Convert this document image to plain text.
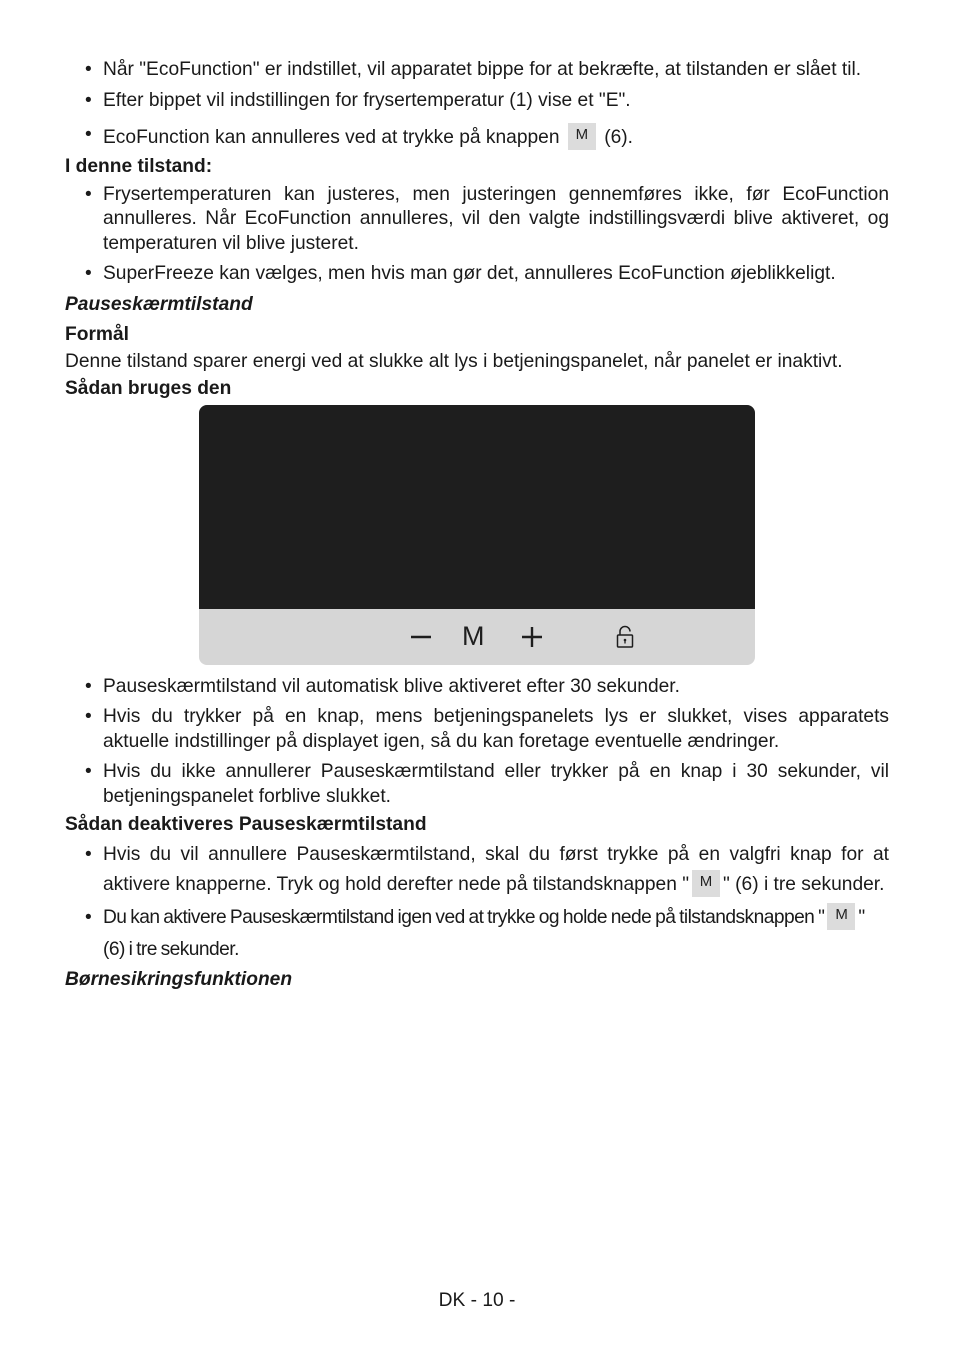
• Når "EcoFunction" er indstillet, vil apparatet bippe for at bekræfte, at tilstanden er slået til.
• Efter bippet vil indstillingen for frysertemperatur (1) vise et "E".
• EcoFunction kan annulleres ved at trykke på knappen M (6).

I denne tilstand:

• Frysertemperaturen kan justeres, men justeringen gennemføres ikke, før EcoFunction annulleres. Når EcoFunction annulleres, vil den valgte indstillingsværdi blive aktiveret, og temperaturen vil blive justeret.
• SuperFreeze kan vælges, men hvis man gør det, annulleres EcoFunction øjeblikkeligt.

Pauseskærmtilstand

Formål

Denne tilstand sparer energi ved at slukke alt lys i betjeningspanelet, når panelet er inaktivt.

Sådan bruges den

M
• Pauseskærmtilstand vil automatisk blive aktiveret efter 30 sekunder.
• Hvis du trykker på en knap, mens betjeningspanelets lys er slukket, vises apparatets aktuelle indstillinger på displayet igen, så du kan foretage eventuelle ændringer.
• Hvis du ikke annullerer Pauseskærmtilstand eller trykker på en knap i 30 sekunder, vil betjeningspanelet forblive slukket.

Sådan deaktiveres Pauseskærmtilstand

• Hvis du vil annullere Pauseskærmtilstand, skal du først trykke på en valgfri knap for at aktivere knapperne. Tryk og hold derefter nede på tilstandsknappen " M " (6) i tre sekunder.
• Du kan aktivere Pauseskærmtilstand igen ved at trykke og holde nede på tilstandsknappen " M " (6) i tre sekunder.

Børnesikringsfunktionen

DK - 10 -
